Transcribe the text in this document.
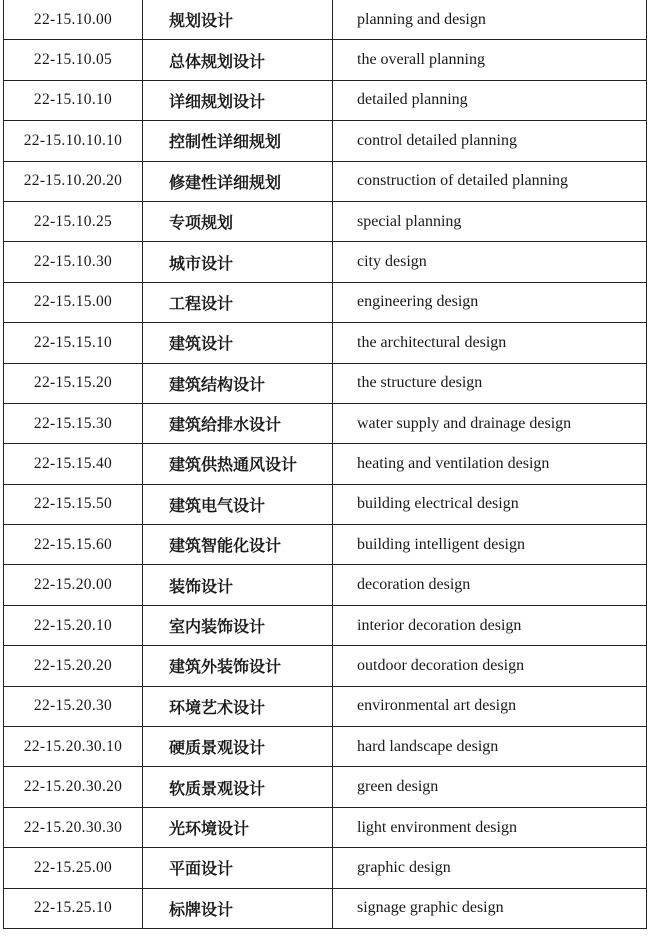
22-15.10.00	规划设计	planning and design
22-15.10.05	总体规划设计	the overall planning
22-15.10.10	详细规划设计	detailed planning
22-15.10.10.10	控制性详细规划	control detailed planning
22-15.10.20.20	修建性详细规划	construction of detailed planning
22-15.10.25	专项规划	special planning
22-15.10.30	城市设计	city design
22-15.15.00	工程设计	engineering design
22-15.15.10	建筑设计	the architectural design
22-15.15.20	建筑结构设计	the structure design
22-15.15.30	建筑给排水设计	water supply and drainage design
22-15.15.40	建筑供热通风设计	heating and ventilation design
22-15.15.50	建筑电气设计	building electrical design
22-15.15.60	建筑智能化设计	building intelligent design
22-15.20.00	装饰设计	decoration design
22-15.20.10	室内装饰设计	interior decoration design
22-15.20.20	建筑外装饰设计	outdoor decoration design
22-15.20.30	环境艺术设计	environmental art design
22-15.20.30.10	硬质景观设计	hard landscape design
22-15.20.30.20	软质景观设计	green design
22-15.20.30.30	光环境设计	light environment design
22-15.25.00	平面设计	graphic design
22-15.25.10	标牌设计	signage graphic design
